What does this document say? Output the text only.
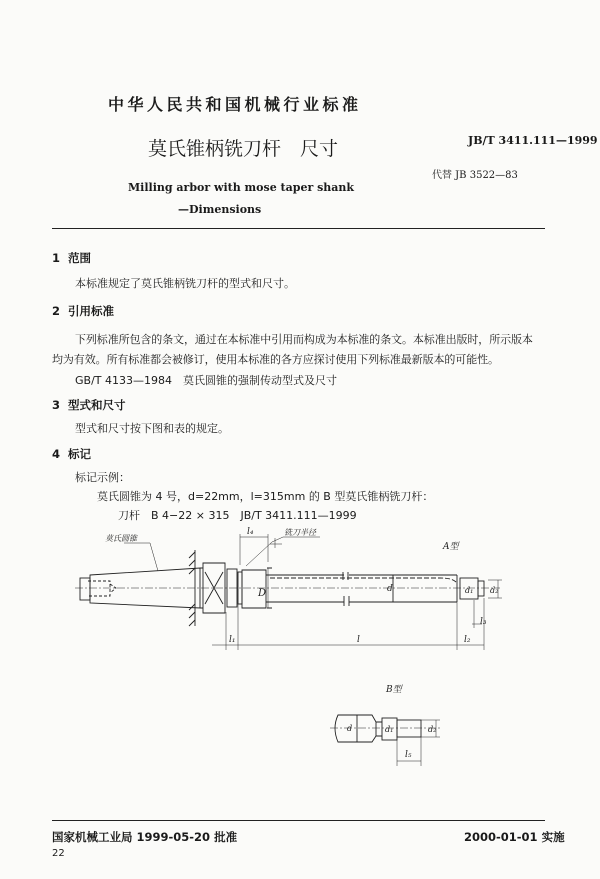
中华人民共和国机械行业标准
莫氏锥柄铣刀杆　尺寸	JB/T 3411.111—1999
代替 JB 3522—83
Milling arbor with mose taper shank
—Dimensions
1 范围
本标准规定了莫氏锥柄铣刀杆的型式和尺寸。
2 引用标准
下列标准所包含的条文，通过在本标准中引用而构成为本标准的条文。本标准出版时，所示版本
均为有效。所有标准都会被修订，使用本标准的各方应探讨使用下列标准最新版本的可能性。
GB/T 4133—1984　莫氏圆锥的强制传动型式及尺寸
3 型式和尺寸
型式和尺寸按下图和表的规定。
4 标记
标记示例：
莫氏圆锥为 4 号，d=22mm，l=315mm 的 B 型莫氏锥柄铣刀杆：
刀杆　B 4−22 × 315　JB/T 3411.111—1999
l₄
D	d	d₁ d₂
l₃
l₁	l	l₂
莫氏圆锥
铣刀半径
A型
d	d₁	d₂
l₅
B型
国家机械工业局 1999-05-20 批准	2000-01-01 实施
22
